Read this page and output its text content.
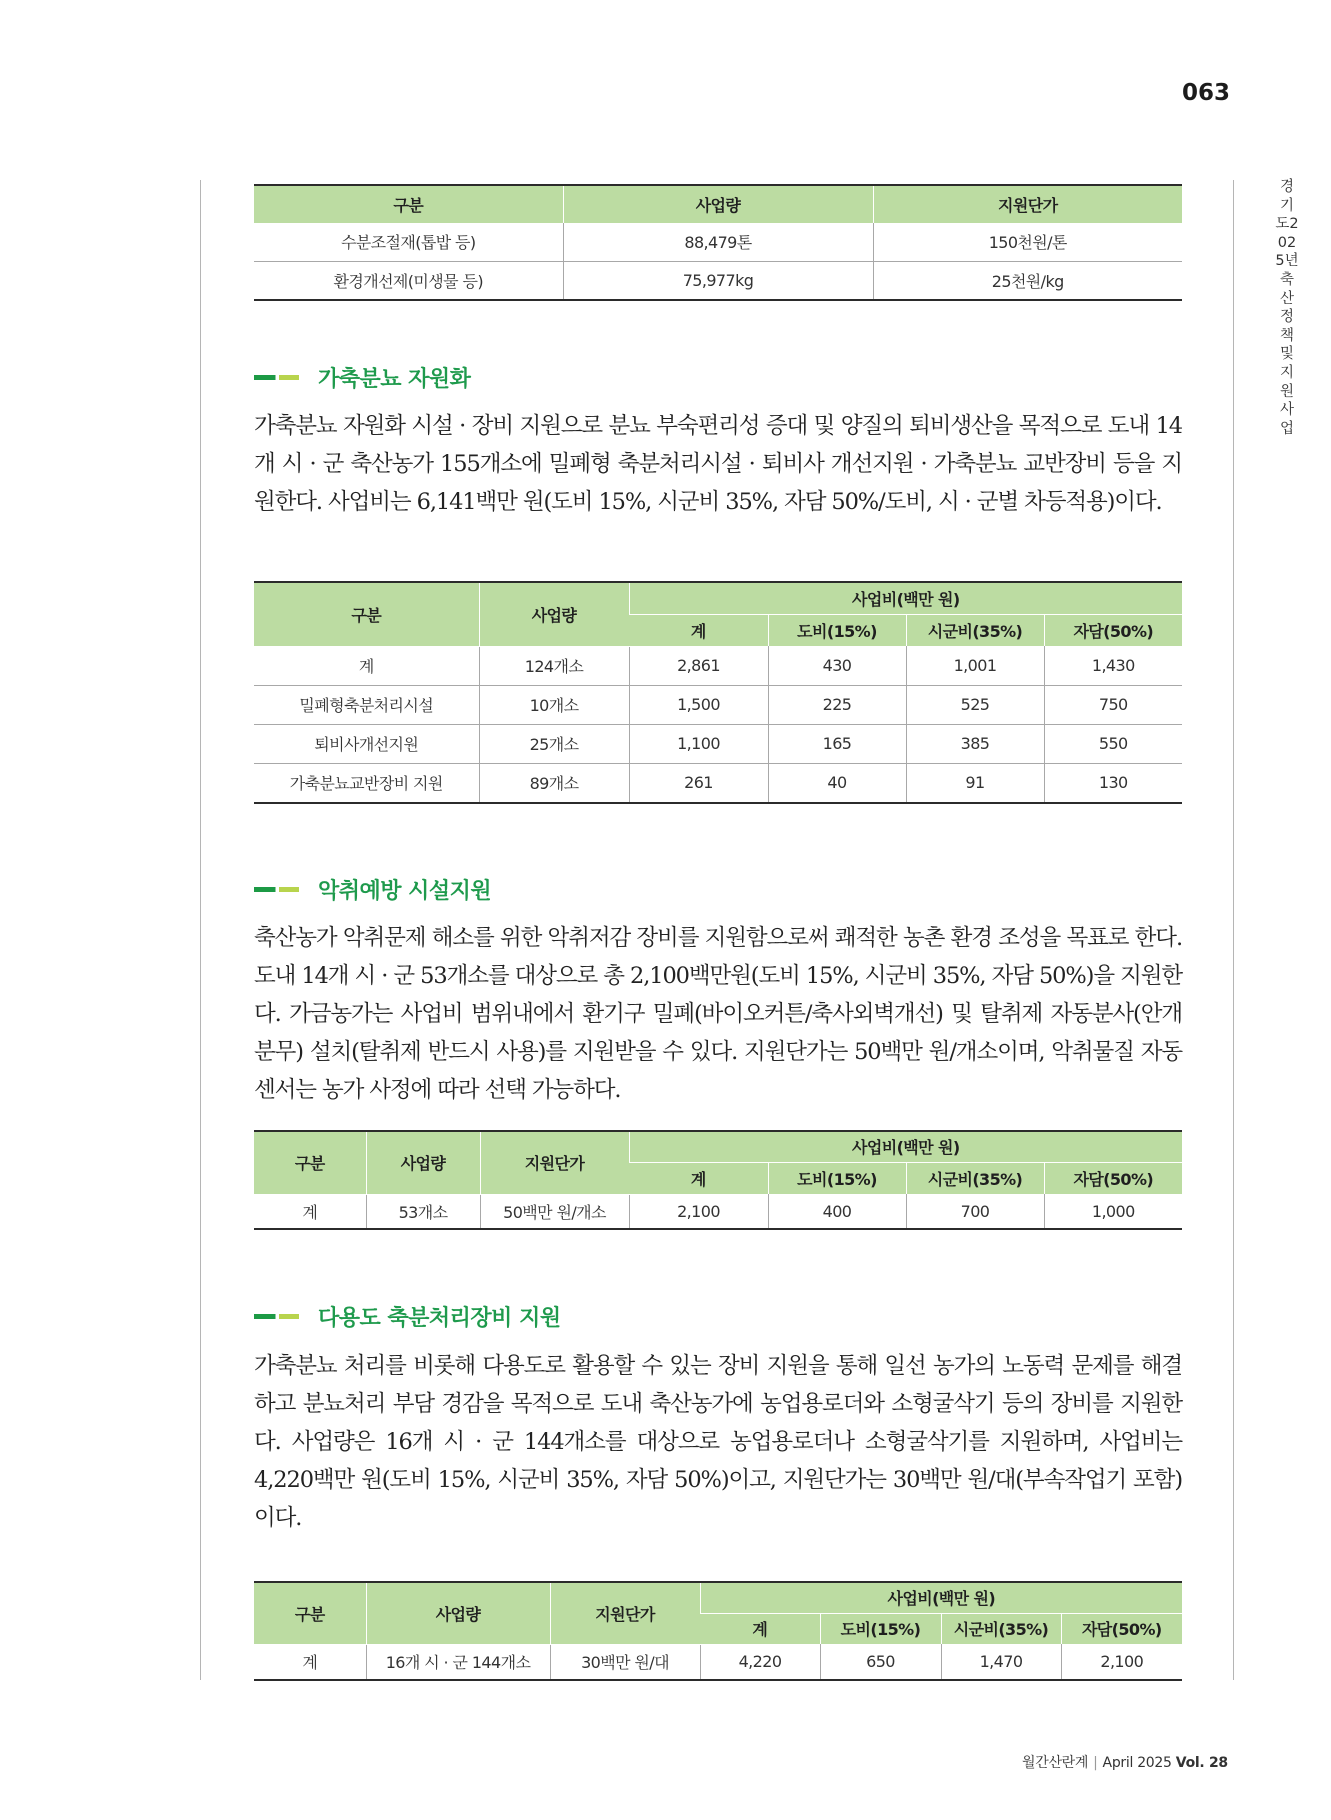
063
경기도2025년축산정책및지원사업
구분	사업량	지원단가
수분조절재(톱밥 등)	88,479톤	150천원/톤
환경개선제(미생물 등)	75,977kg	25천원/kg
가축분뇨 자원화

가축분뇨 자원화 시설 · 장비 지원으로 분뇨 부숙편리성 증대 및 양질의 퇴비생산을 목적으로 도내 14개 시 · 군 축산농가 155개소에 밀폐형 축분처리시설 · 퇴비사 개선지원 · 가축분뇨 교반장비 등을 지원한다. 사업비는 6,141백만 원(도비 15%, 시군비 35%, 자담 50%/도비, 시 · 군별 차등적용)이다.

구분	사업량	사업비(백만 원)			
		계	도비(15%)	시군비(35%)	자담(50%)
계	124개소	2,861	430	1,001	1,430
밀폐형축분처리시설	10개소	1,500	225	525	750
퇴비사개선지원	25개소	1,100	165	385	550
가축분뇨교반장비 지원	89개소	261	40	91	130
악취예방 시설지원

축산농가 악취문제 해소를 위한 악취저감 장비를 지원함으로써 쾌적한 농촌 환경 조성을 목표로 한다. 도내 14개 시 · 군 53개소를 대상으로 총 2,100백만원(도비 15%, 시군비 35%, 자담 50%)을 지원한다. 가금농가는 사업비 범위내에서 환기구 밀폐(바이오커튼/축사외벽개선) 및 탈취제 자동분사(안개분무) 설치(탈취제 반드시 사용)를 지원받을 수 있다. 지원단가는 50백만 원/개소이며, 악취물질 자동센서는 농가 사정에 따라 선택 가능하다.

구분	사업량	지원단가	사업비(백만 원)			
			계	도비(15%)	시군비(35%)	자담(50%)
계	53개소	50백만 원/개소	2,100	400	700	1,000
다용도 축분처리장비 지원

가축분뇨 처리를 비롯해 다용도로 활용할 수 있는 장비 지원을 통해 일선 농가의 노동력 문제를 해결하고 분뇨처리 부담 경감을 목적으로 도내 축산농가에 농업용로더와 소형굴삭기 등의 장비를 지원한다. 사업량은 16개 시 · 군 144개소를 대상으로 농업용로더나 소형굴삭기를 지원하며, 사업비는 4,220백만 원(도비 15%, 시군비 35%, 자담 50%)이고, 지원단가는 30백만 원/대(부속작업기 포함)이다.

구분	사업량	지원단가	사업비(백만 원)			
			계	도비(15%)	시군비(35%)	자담(50%)
계	16개 시 · 군 144개소	30백만 원/대	4,220	650	1,470	2,100
월간산란계 | April 2025 Vol. 28
